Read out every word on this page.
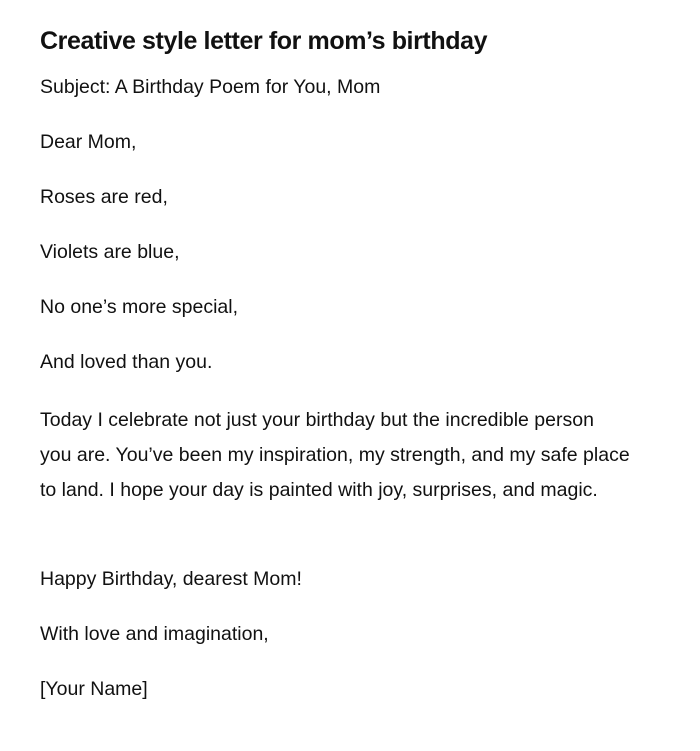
Creative style letter for mom’s birthday

Subject: A Birthday Poem for You, Mom

Dear Mom,

Roses are red,

Violets are blue,

No one’s more special,

And loved than you.

Today I celebrate not just your birthday but the incredible person you are. You’ve been my inspiration, my strength, and my safe place to land. I hope your day is painted with joy, surprises, and magic.

Happy Birthday, dearest Mom!

With love and imagination,

[Your Name]
